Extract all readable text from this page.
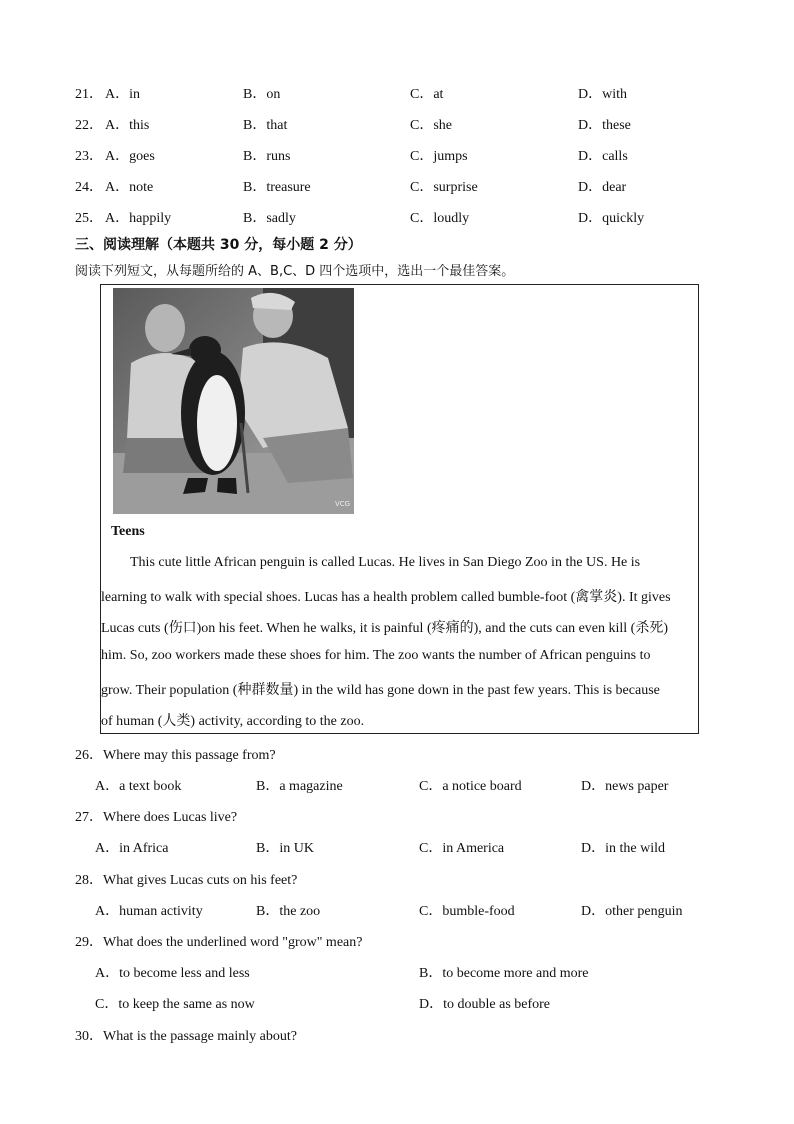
21． A．in	B．on	C．at	D．with
22． A．this	B．that	C．she	D．these
23． A．goes	B．runs	C．jumps	D．calls
24． A．note	B．treasure	C．surprise	D．dear
25． A．happily	B．sadly	C．loudly	D．quickly
三、阅读理解（本题共 30 分，每小题 2 分）
阅读下列短文，从每题所给的 A、B,C、D 四个选项中，选出一个最佳答案。
VCG
Teens
This cute little African penguin is called Lucas. He lives in San Diego Zoo in the US. He is
learning to walk with special shoes. Lucas has a health problem called bumble-foot (禽掌炎). It gives
Lucas cuts (伤口)on his feet. When he walks, it is painful (疼痛的), and the cuts can even kill (杀死)
him. So, zoo workers made these shoes for him. The zoo wants the number of African penguins to
grow. Their population (种群数量) in the wild has gone down in the past few years. This is because
of human (人类) activity, according to the zoo.
26．Where may this passage from?
A．a text book	B．a magazine	C．a notice board	D．news paper
27．Where does Lucas live?
A．in Africa	B．in UK	C．in America	D．in the wild
28．What gives Lucas cuts on his feet?
A．human activity	B．the zoo	C．bumble-food	D．other penguin
29．What does the underlined word "grow" mean?
A．to become less and less	B．to become more and more
C．to keep the same as now	D．to double as before
30．What is the passage mainly about?
